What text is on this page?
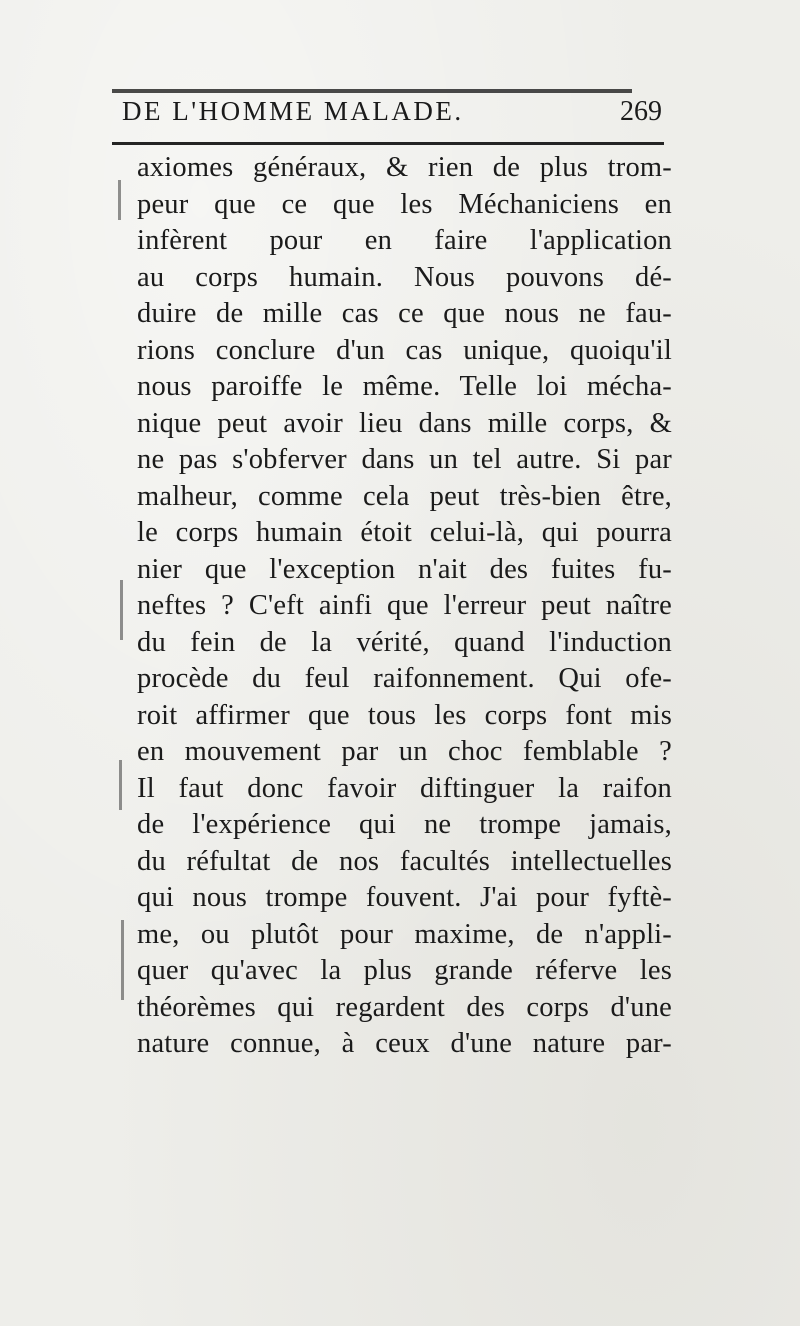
DE L'HOMME MALADE.	269
axiomes généraux, & rien de plus trom-
peur que ce que les Méchaniciens en
infèrent pour en faire l'application
au corps humain. Nous pouvons dé-
duire de mille cas ce que nous ne fau-
rions conclure d'un cas unique, quoiqu'il
nous paroiffe le même. Telle loi mécha-
nique peut avoir lieu dans mille corps, &
ne pas s'obferver dans un tel autre. Si par
malheur, comme cela peut très-bien être,
le corps humain étoit celui-là, qui pourra
nier que l'exception n'ait des fuites fu-
neftes ? C'eft ainfi que l'erreur peut naître
du fein de la vérité, quand l'induction
procède du feul raifonnement. Qui ofe-
roit affirmer que tous les corps font mis
en mouvement par un choc femblable ?
Il faut donc favoir diftinguer la raifon
de l'expérience qui ne trompe jamais,
du réfultat de nos facultés intellectuelles
qui nous trompe fouvent. J'ai pour fyftè-
me, ou plutôt pour maxime, de n'appli-
quer qu'avec la plus grande réferve les
théorèmes qui regardent des corps d'une
nature connue, à ceux d'une nature par-
